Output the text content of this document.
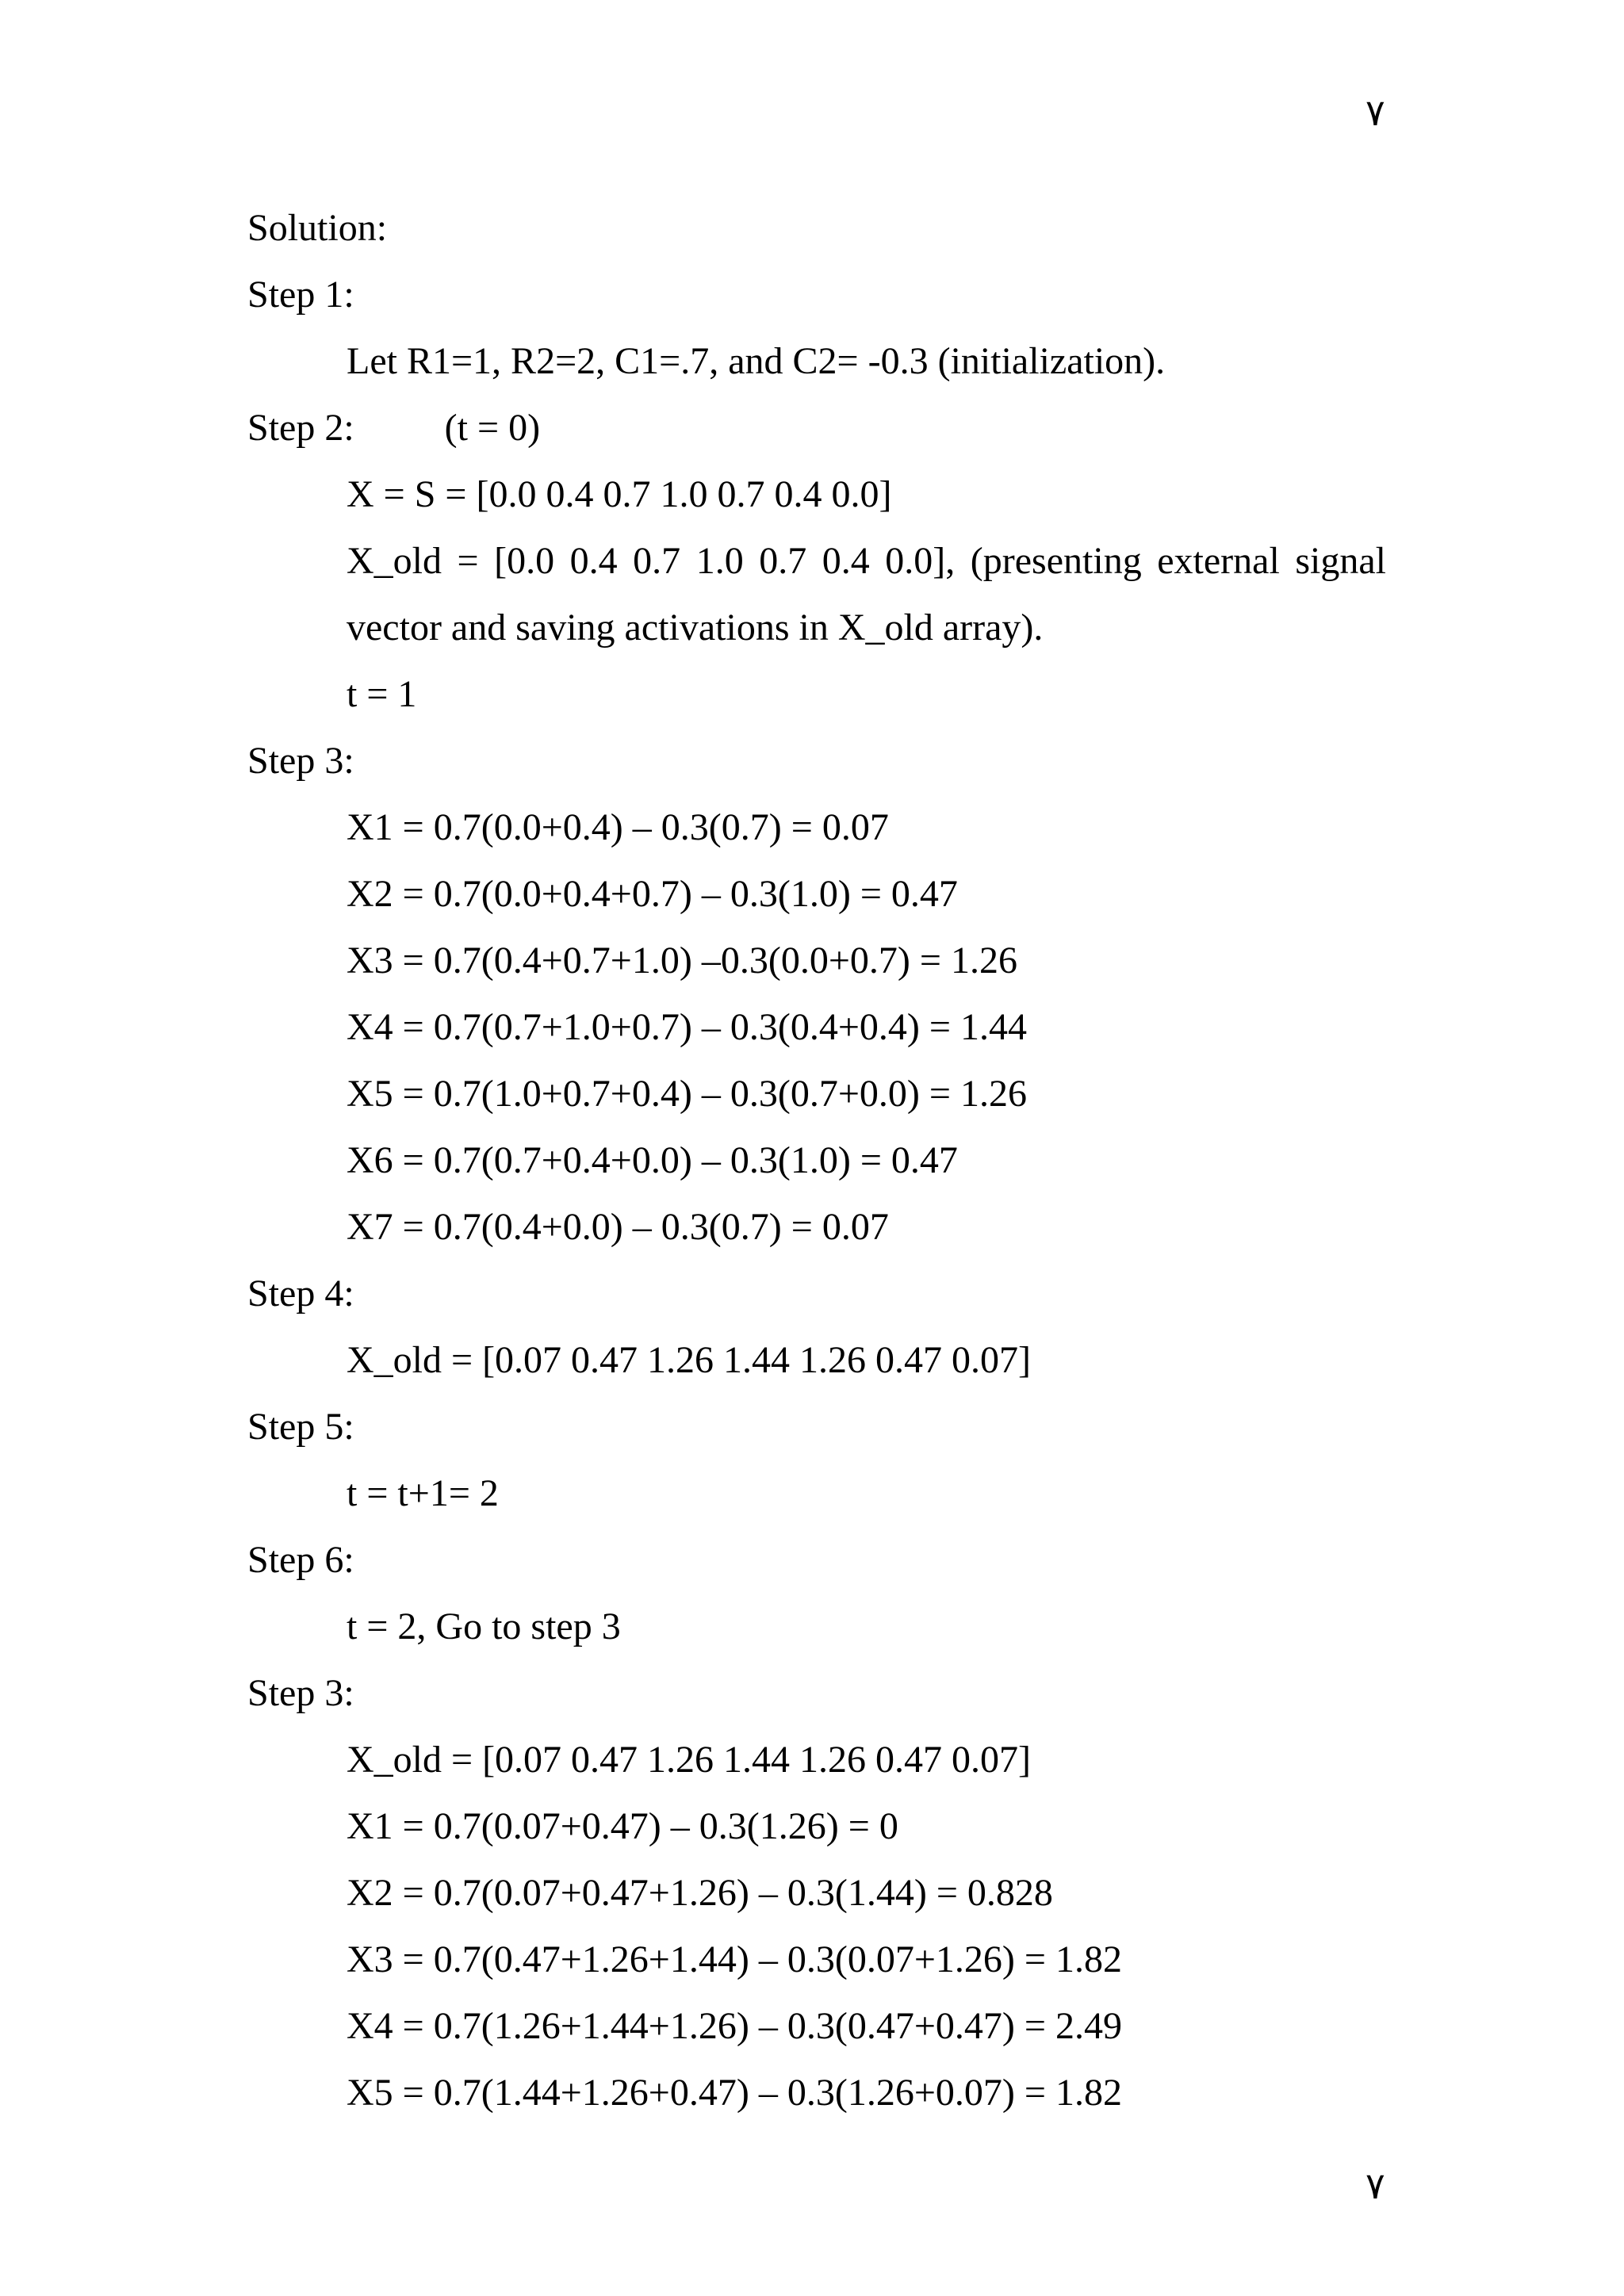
٧
Solution:
Step 1:
Let R1=1, R2=2, C1=.7, and C2= -0.3 (initialization).
Step 2: (t = 0)
X = S = [0.0 0.4 0.7 1.0 0.7 0.4 0.0]
X_old = [0.0 0.4 0.7 1.0 0.7 0.4 0.0], (presenting external signal
vector and saving activations in X_old array).
t = 1
Step 3:
X1 = 0.7(0.0+0.4) – 0.3(0.7) = 0.07
X2 = 0.7(0.0+0.4+0.7) – 0.3(1.0) = 0.47
X3 = 0.7(0.4+0.7+1.0) –0.3(0.0+0.7) = 1.26
X4 = 0.7(0.7+1.0+0.7) – 0.3(0.4+0.4) = 1.44
X5 = 0.7(1.0+0.7+0.4) – 0.3(0.7+0.0) = 1.26
X6 = 0.7(0.7+0.4+0.0) – 0.3(1.0) = 0.47
X7 = 0.7(0.4+0.0) – 0.3(0.7) = 0.07
Step 4:
X_old = [0.07 0.47 1.26 1.44 1.26 0.47 0.07]
Step 5:
t = t+1= 2
Step 6:
t = 2, Go to step 3
Step 3:
X_old = [0.07 0.47 1.26 1.44 1.26 0.47 0.07]
X1 = 0.7(0.07+0.47) – 0.3(1.26) = 0
X2 = 0.7(0.07+0.47+1.26) – 0.3(1.44) = 0.828
X3 = 0.7(0.47+1.26+1.44) – 0.3(0.07+1.26) = 1.82
X4 = 0.7(1.26+1.44+1.26) – 0.3(0.47+0.47) = 2.49
X5 = 0.7(1.44+1.26+0.47) – 0.3(1.26+0.07) = 1.82
٧
